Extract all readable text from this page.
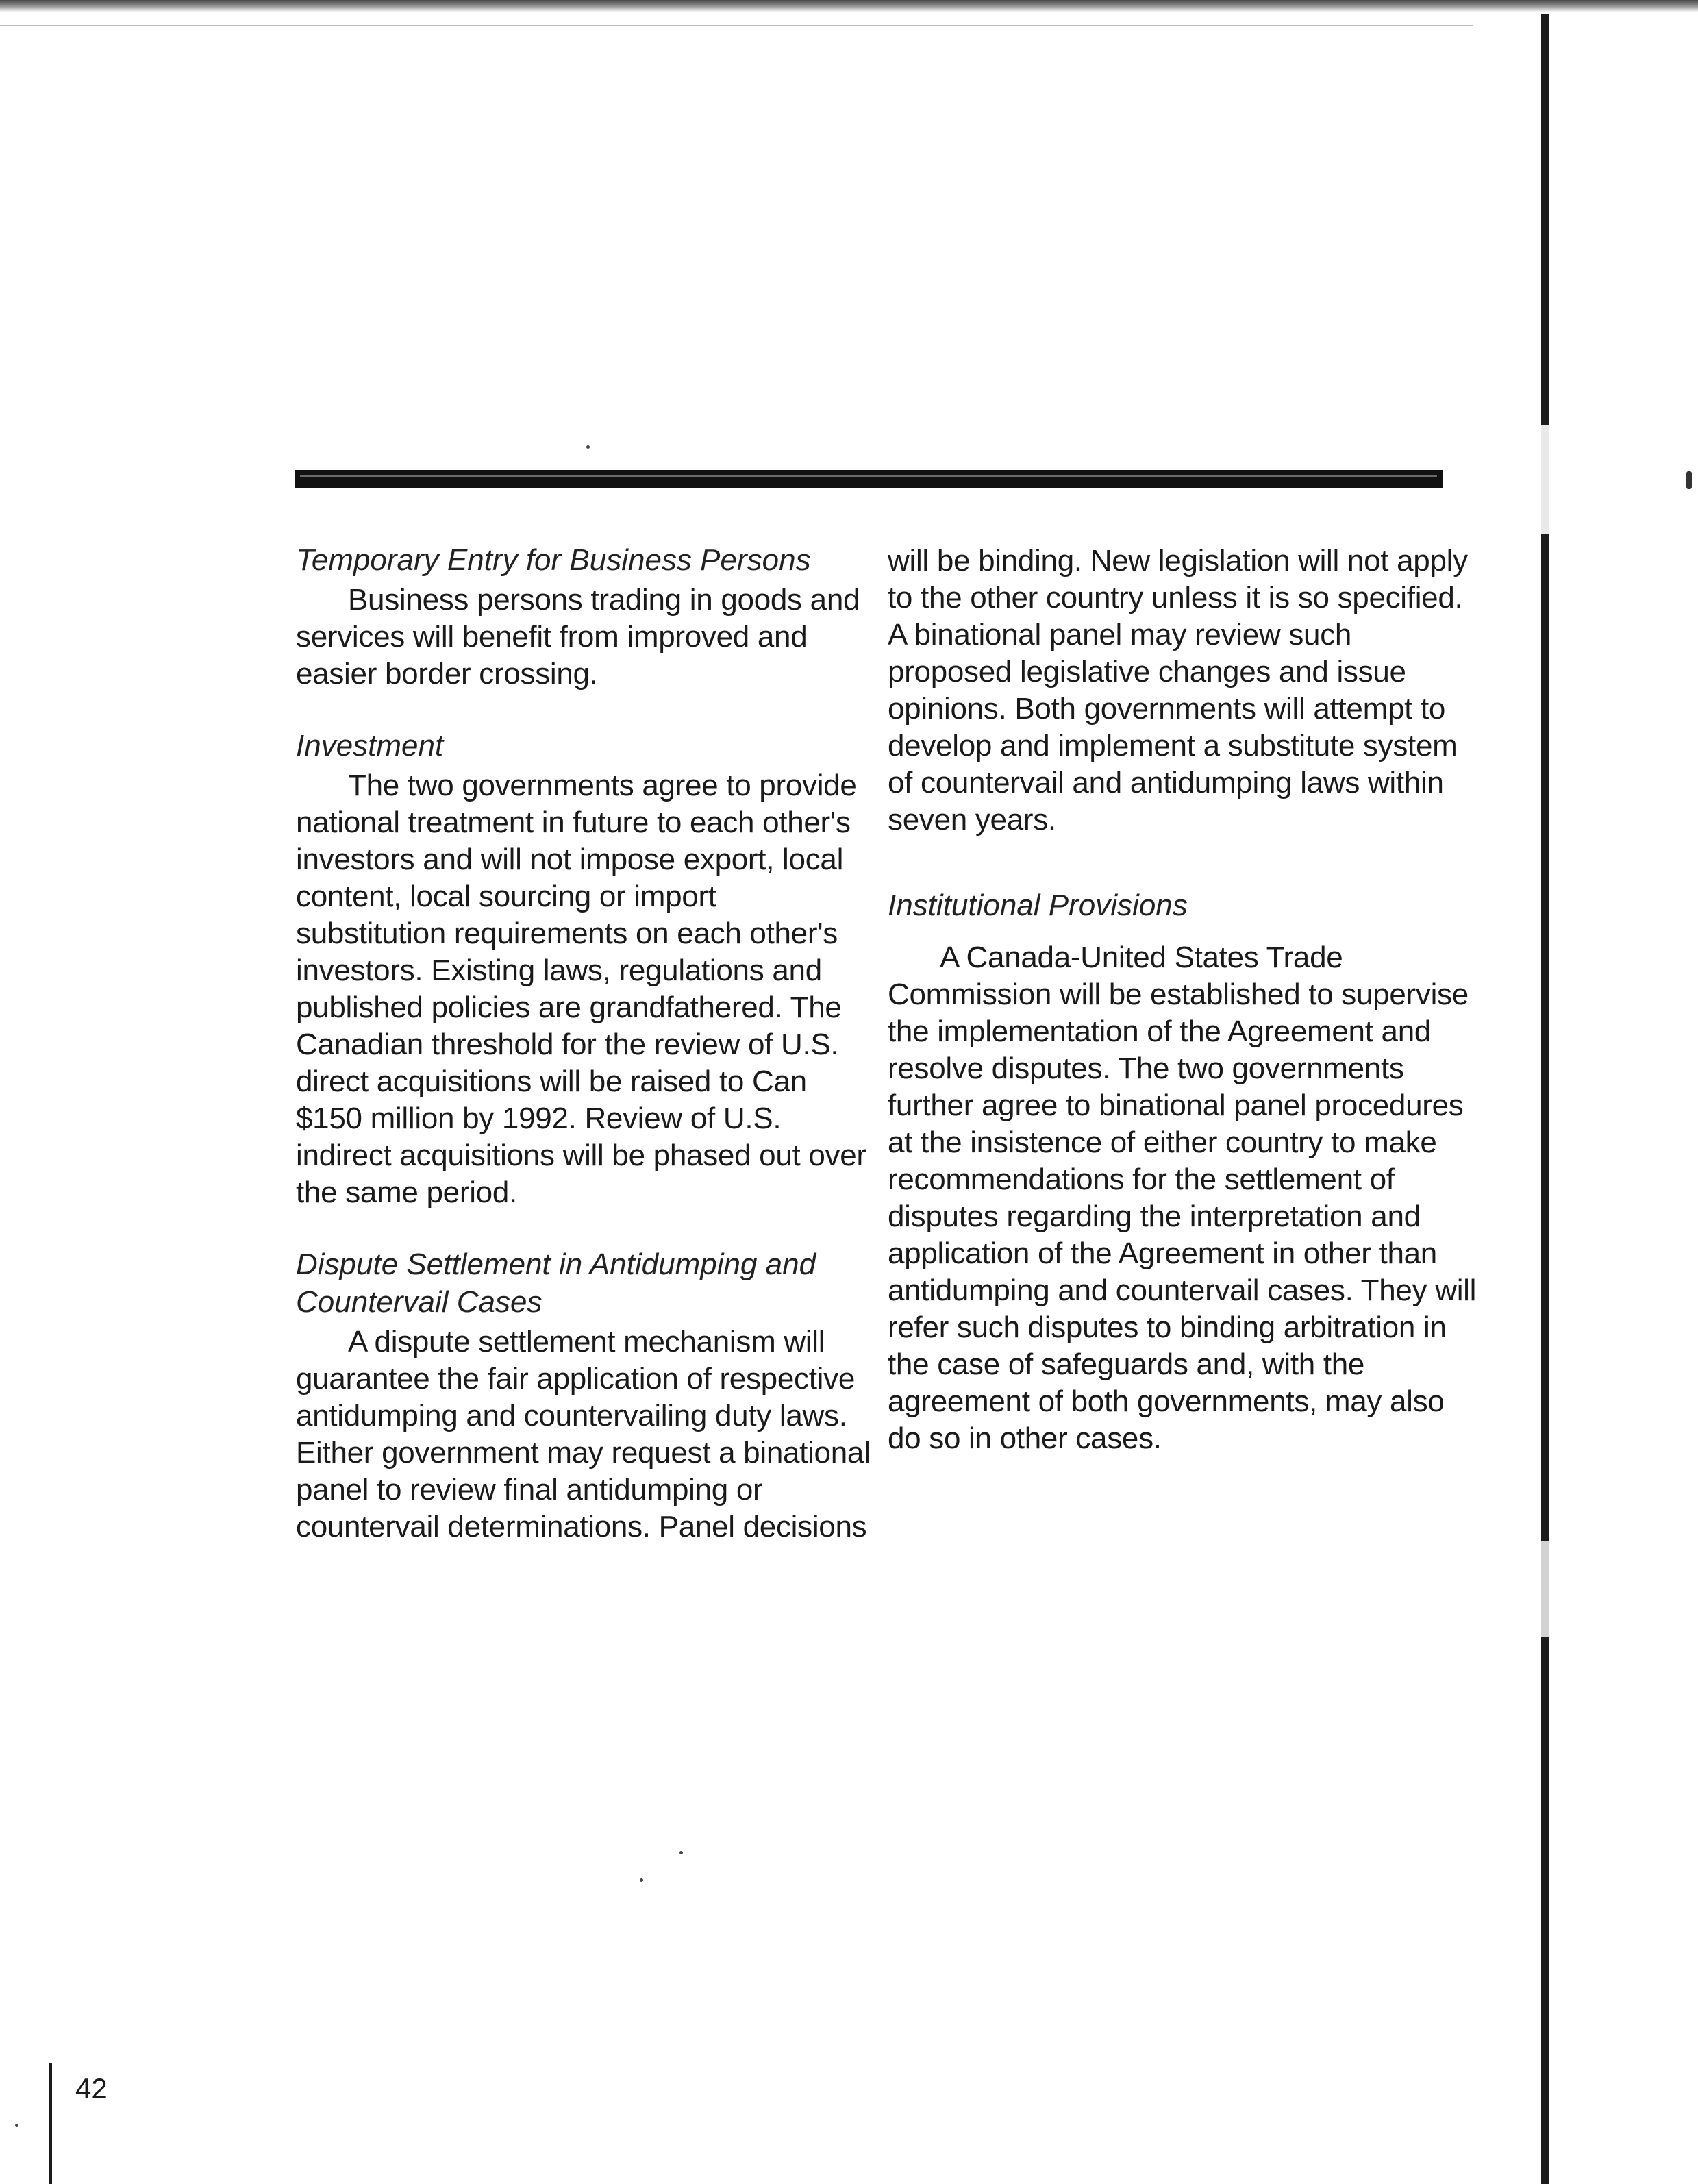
Temporary Entry for Business Persons

Business persons trading in goods and services will benefit from improved and easier border crossing.

Investment

The two governments agree to provide national treatment in future to each other's investors and will not impose export, local content, local sourcing or import substitution requirements on each other's investors. Existing laws, regulations and published policies are grandfathered. The Canadian threshold for the review of U.S. direct acquisitions will be raised to Can $150 million by 1992. Review of U.S. indirect acquisitions will be phased out over the same period.

Dispute Settlement in Antidumping and Countervail Cases

A dispute settlement mechanism will guarantee the fair application of respective antidumping and countervailing duty laws. Either government may request a binational panel to review final antidumping or countervail determinations. Panel decisions

will be binding. New legislation will not apply to the other country unless it is so specified. A binational panel may review such proposed legislative changes and issue opinions. Both governments will attempt to develop and implement a substitute system of countervail and antidumping laws within seven years.

Institutional Provisions

A Canada-United States Trade Commission will be established to supervise the implementation of the Agreement and resolve disputes. The two governments further agree to binational panel procedures at the insistence of either country to make recommendations for the settlement of disputes regarding the interpretation and application of the Agreement in other than antidumping and countervail cases. They will refer such disputes to binding arbitration in the case of safeguards and, with the agreement of both governments, may also do so in other cases.

42
